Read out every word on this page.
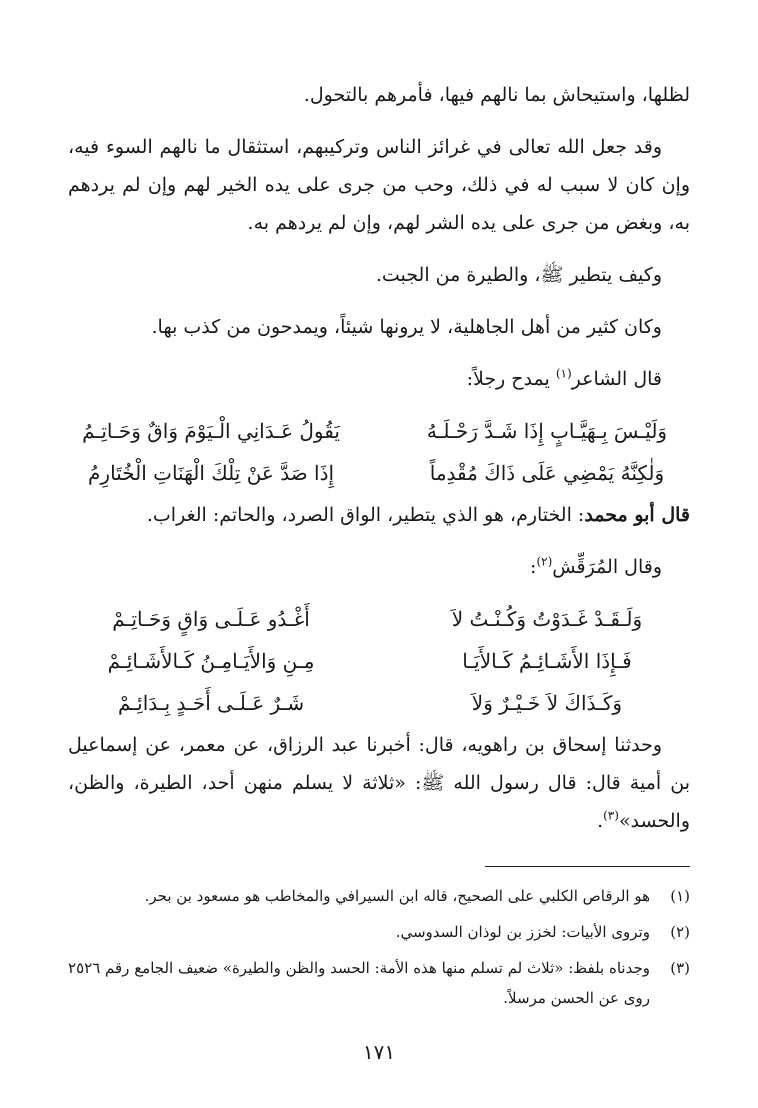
لظلها، واستيحاش بما نالهم فيها، فأمرهم بالتحول.

وقد جعل الله تعالى في غرائز الناس وتركيبهم، استثقال ما نالهم السوء فيه، وإن كان لا سبب له في ذلك، وحب من جرى على يده الخير لهم وإن لم يردهم به، وبغض من جرى على يده الشر لهم، وإن لم يردهم به.

وكيف يتطير ﷺ، والطيرة من الجبت.

وكان كثير من أهل الجاهلية، لا يرونها شيئاً، ويمدحون من كذب بها.

قال الشاعر$^{(١)}$ يمدح رجلاً:

وَلَيْـسَ بِـهَيَّـابٍ إِذَا شَـدَّ رَحْـلَـهُ
يَقُولُ عَـدَانِي الْـيَوْمَ وَاقٌ وَحَـاتِـمُ
وَلٰكِنَّهُ يَمْضِي عَلَى ذَاكَ مُقْدِماً
إِذَا صَدَّ عَنْ تِلْكَ الْهَنَاتِ الْخُتَارِمُ

قال أبو محمد: الختارم، هو الذي يتطير، الواق الصرد، والحاتم: الغراب.

وقال المُرَقِّش$^{(٢)}$:

وَلَـقَـدْ غَـدَوْتُ وَكُـنْـتُ لاَ
أَغْـدُو عَـلَـى وَاقٍ وَحَـاتِـمْ
فَـإِذَا الأَشَـائِـمُ كَـالأَيَـا
مِـنِ وَالأَيَـامِـنُ كَـالأَشَـائِـمْ
وَكَـذَاكَ لاَ خَـيْـرٌ وَلاَ
شَـرٌ عَـلَـى أَحَـدٍ بِـدَائِـمْ

وحدثنا إسحاق بن راهويه، قال: أخبرنا عبد الرزاق، عن معمر، عن إسماعيل بن أمية قال: قال رسول الله ﷺ: «ثلاثة لا يسلم منهن أحد، الطيرة، والظن، والحسد»$^{(٣)}$.

(١)
هو الرقاص الكلبي على الصحيح، قاله ابن السيرافي والمخاطب هو مسعود بن بحر.
(٢)
وتروى الأبيات: لخزز بن لوذان السدوسي.
(٣)
وجدناه بلفظ: «ثلاث لم تسلم منها هذه الأمة: الحسد والظن والطيرة» ضعيف الجامع رقم ٢٥٢٦ روى عن الحسن مرسلاً.
١٧١
